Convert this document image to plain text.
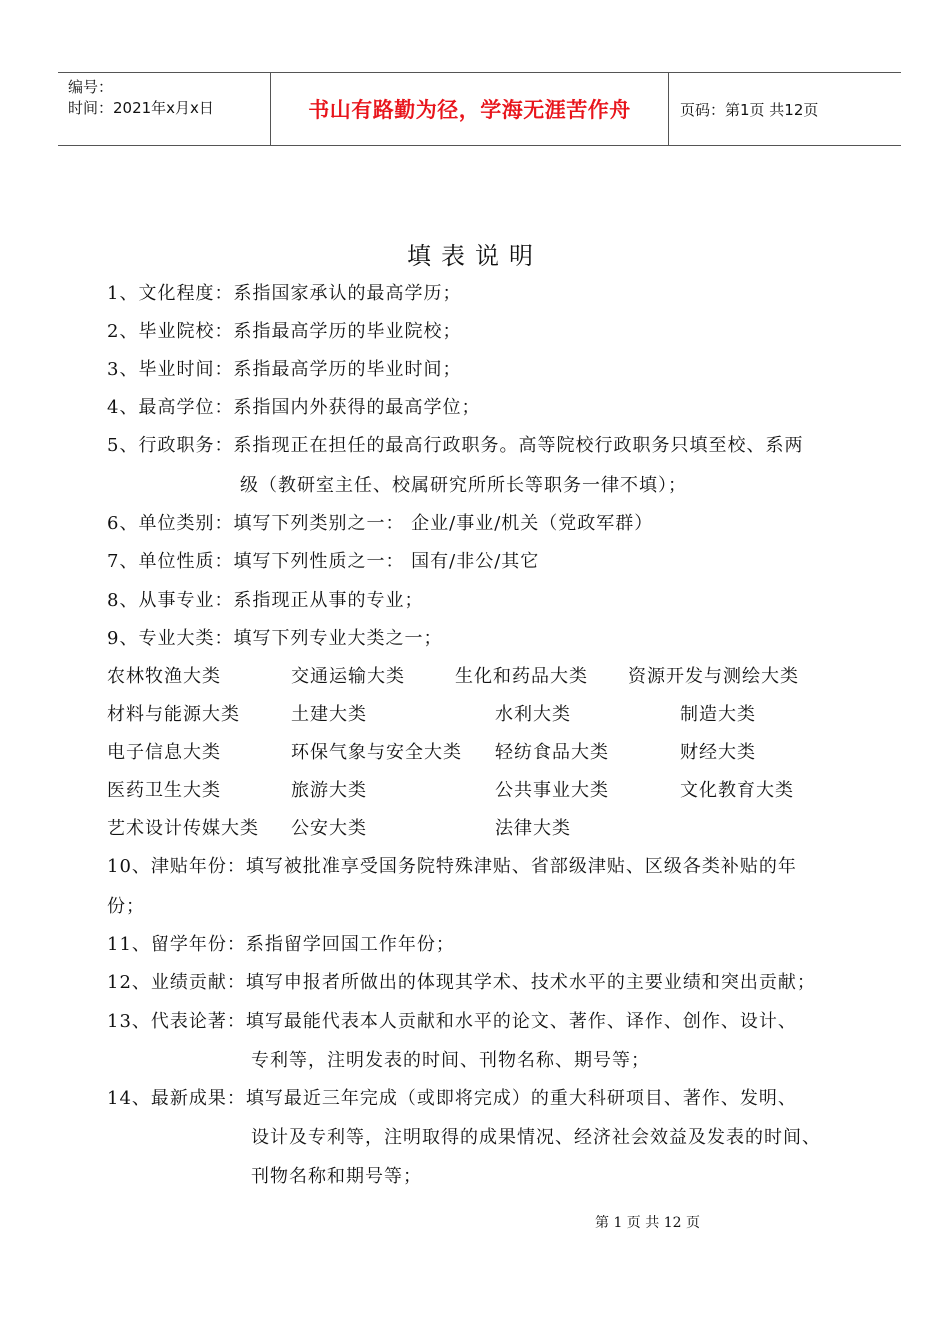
编号：
时间：2021年x月x日	书山有路勤为径，学海无涯苦作舟	页码：第1页 共12页
填表说明
1、文化程度：系指国家承认的最高学历；
2、毕业院校：系指最高学历的毕业院校；
3、毕业时间：系指最高学历的毕业时间；
4、最高学位：系指国内外获得的最高学位；
5、行政职务：系指现正在担任的最高行政职务。高等院校行政职务只填至校、系两
级（教研室主任、校属研究所所长等职务一律不填）；
6、单位类别：填写下列类别之一： 企业/事业/机关（党政军群）
7、单位性质：填写下列性质之一： 国有/非公/其它
8、从事专业：系指现正从事的专业；
9、专业大类：填写下列专业大类之一；
农林牧渔大类	交通运输大类	生化和药品大类 资源开发与测绘大类
材料与能源大类	土建大类	水利大类	制造大类
电子信息大类	环保气象与安全大类 轻纺食品大类	财经大类
医药卫生大类	旅游大类	公共事业大类	文化教育大类
艺术设计传媒大类 公安大类	法律大类
10、津贴年份：填写被批准享受国务院特殊津贴、省部级津贴、区级各类补贴的年
份；
11、留学年份：系指留学回国工作年份；
12、业绩贡献：填写申报者所做出的体现其学术、技术水平的主要业绩和突出贡献；
13、代表论著：填写最能代表本人贡献和水平的论文、著作、译作、创作、设计、
专利等，注明发表的时间、刊物名称、期号等；
14、最新成果：填写最近三年完成（或即将完成）的重大科研项目、著作、发明、
设计及专利等，注明取得的成果情况、经济社会效益及发表的时间、
刊物名称和期号等；
第 1 页 共 12 页
